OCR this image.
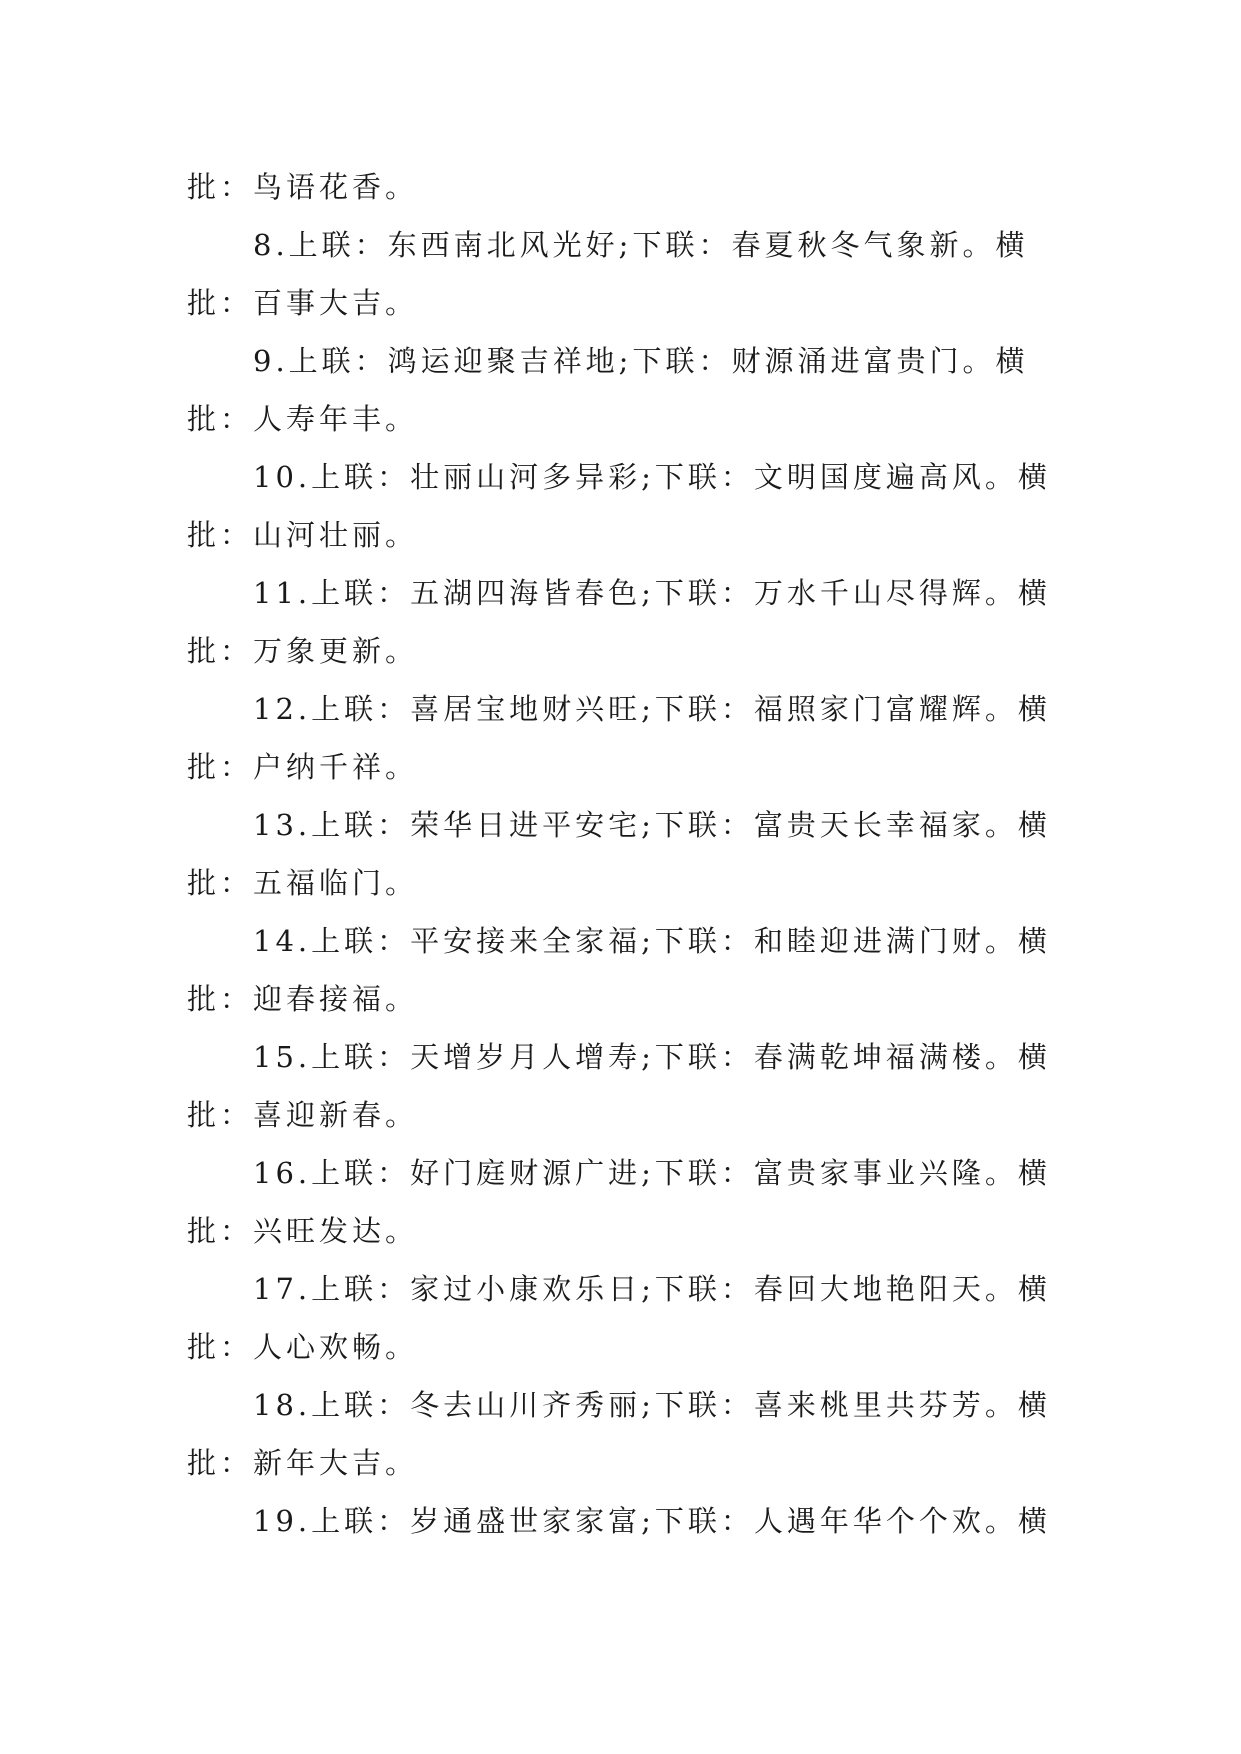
批：鸟语花香。
8.上联：东西南北风光好;下联：春夏秋冬气象新。横
批：百事大吉。
9.上联：鸿运迎聚吉祥地;下联：财源涌进富贵门。横
批：人寿年丰。
10.上联：壮丽山河多异彩;下联：文明国度遍高风。横
批：山河壮丽。
11.上联：五湖四海皆春色;下联：万水千山尽得辉。横
批：万象更新。
12.上联：喜居宝地财兴旺;下联：福照家门富耀辉。横
批：户纳千祥。
13.上联：荣华日进平安宅;下联：富贵天长幸福家。横
批：五福临门。
14.上联：平安接来全家福;下联：和睦迎进满门财。横
批：迎春接福。
15.上联：天增岁月人增寿;下联：春满乾坤福满楼。横
批：喜迎新春。
16.上联：好门庭财源广进;下联：富贵家事业兴隆。横
批：兴旺发达。
17.上联：家过小康欢乐日;下联：春回大地艳阳天。横
批：人心欢畅。
18.上联：冬去山川齐秀丽;下联：喜来桃里共芬芳。横
批：新年大吉。
19.上联：岁通盛世家家富;下联：人遇年华个个欢。横
